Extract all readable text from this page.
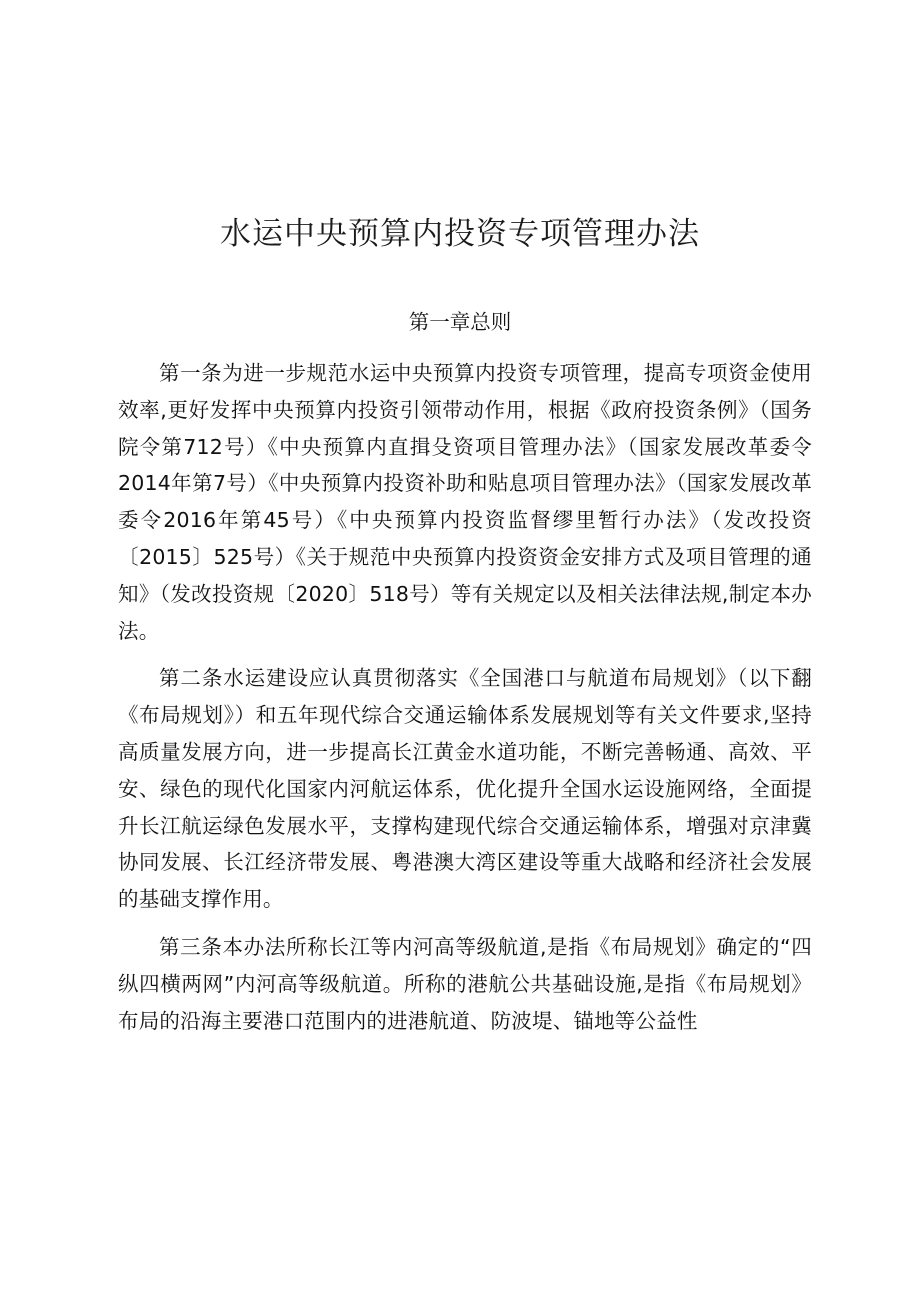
水运中央预算内投资专项管理办法
第一章总则

第一条为进一步规范水运中央预算内投资专项管理，提高专项资金使用效率,更好发挥中央预算内投资引领带动作用，根据《政府投资条例》（国务院令第712号）《中央预算内直揖殳资项目管理办法》（国家发展改革委令2014年第7号）《中央预算内投资补助和贴息项目管理办法》（国家发展改革委令2016年第45号）《中央预算内投资监督缪里暂行办法》（发改投资〔2015〕525号）《关于规范中央预算内投资资金安排方式及项目管理的通知》（发改投资规〔2020〕518号）等有关规定以及相关法律法规,制定本办法。

第二条水运建设应认真贯彻落实《全国港口与航道布局规划》（以下翻《布局规划》）和五年现代综合交通运输体系发展规划等有关文件要求,坚持高质量发展方向，进一步提高长江黄金水道功能，不断完善畅通、高效、平安、绿色的现代化国家内河航运体系，优化提升全国水运设施网络，全面提升长江航运绿色发展水平，支撑构建现代综合交通运输体系，增强对京津冀协同发展、长江经济带发展、粤港澳大湾区建设等重大战略和经济社会发展的基础支撑作用。

第三条本办法所称长江等内河高等级航道,是指《布局规划》确定的“四纵四横两网”内河高等级航道。所称的港航公共基础设施,是指《布局规划》布局的沿海主要港口范围内的进港航道、防波堤、锚地等公益性
